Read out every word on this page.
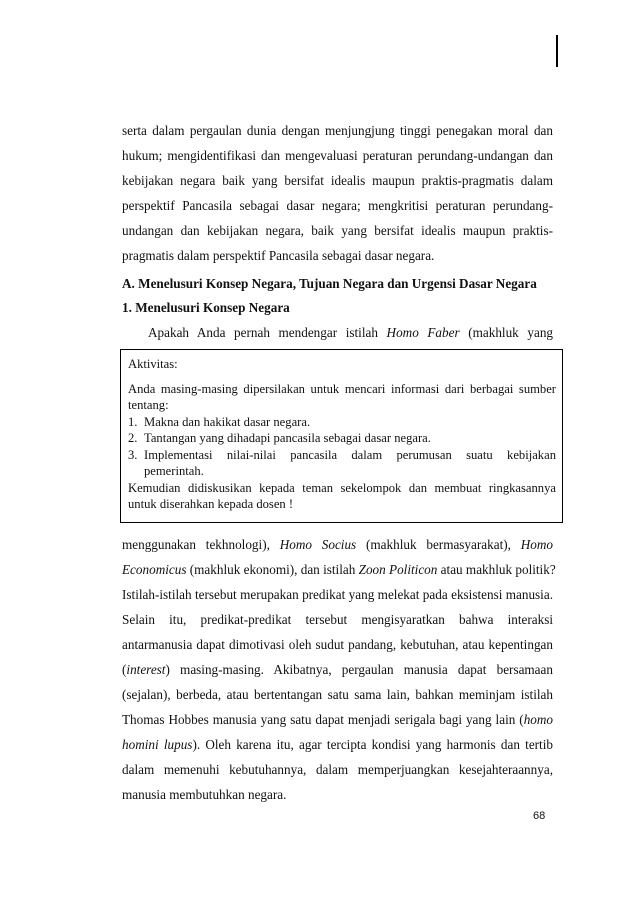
serta dalam pergaulan dunia dengan menjungjung tinggi penegakan moral dan
hukum; mengidentifikasi dan mengevaluasi peraturan perundang-undangan dan
kebijakan negara baik yang bersifat idealis maupun praktis-pragmatis dalam
perspektif Pancasila sebagai dasar negara; mengkritisi peraturan perundang-
undangan dan kebijakan negara, baik yang bersifat idealis maupun praktis-
pragmatis dalam perspektif Pancasila sebagai dasar negara.
A. Menelusuri Konsep Negara, Tujuan Negara dan Urgensi Dasar Negara
1. Menelusuri Konsep Negara
Apakah Anda pernah mendengar istilah Homo Faber (makhluk yang

Aktivitas:

Anda masing-masing dipersilakan untuk mencari informasi dari berbagai sumber

tentang:

1. Makna dan hakikat dasar negara.
2. Tantangan yang dihadapi pancasila sebagai dasar negara.
3. Implementasi nilai-nilai pancasila dalam perumusan suatu kebijakan
pemerintah.

Kemudian didiskusikan kepada teman sekelompok dan membuat ringkasannya

untuk diserahkan kepada dosen !

menggunakan tekhnologi), Homo Socius (makhluk bermasyarakat), Homo
Economicus (makhluk ekonomi), dan istilah Zoon Politicon atau makhluk politik?
Istilah-istilah tersebut merupakan predikat yang melekat pada eksistensi manusia.
Selain itu, predikat-predikat tersebut mengisyaratkan bahwa interaksi
antarmanusia dapat dimotivasi oleh sudut pandang, kebutuhan, atau kepentingan
(interest) masing-masing. Akibatnya, pergaulan manusia dapat bersamaan
(sejalan), berbeda, atau bertentangan satu sama lain, bahkan meminjam istilah
Thomas Hobbes manusia yang satu dapat menjadi serigala bagi yang lain (homo
homini lupus). Oleh karena itu, agar tercipta kondisi yang harmonis dan tertib
dalam memenuhi kebutuhannya, dalam memperjuangkan kesejahteraannya,
manusia membutuhkan negara.
68
